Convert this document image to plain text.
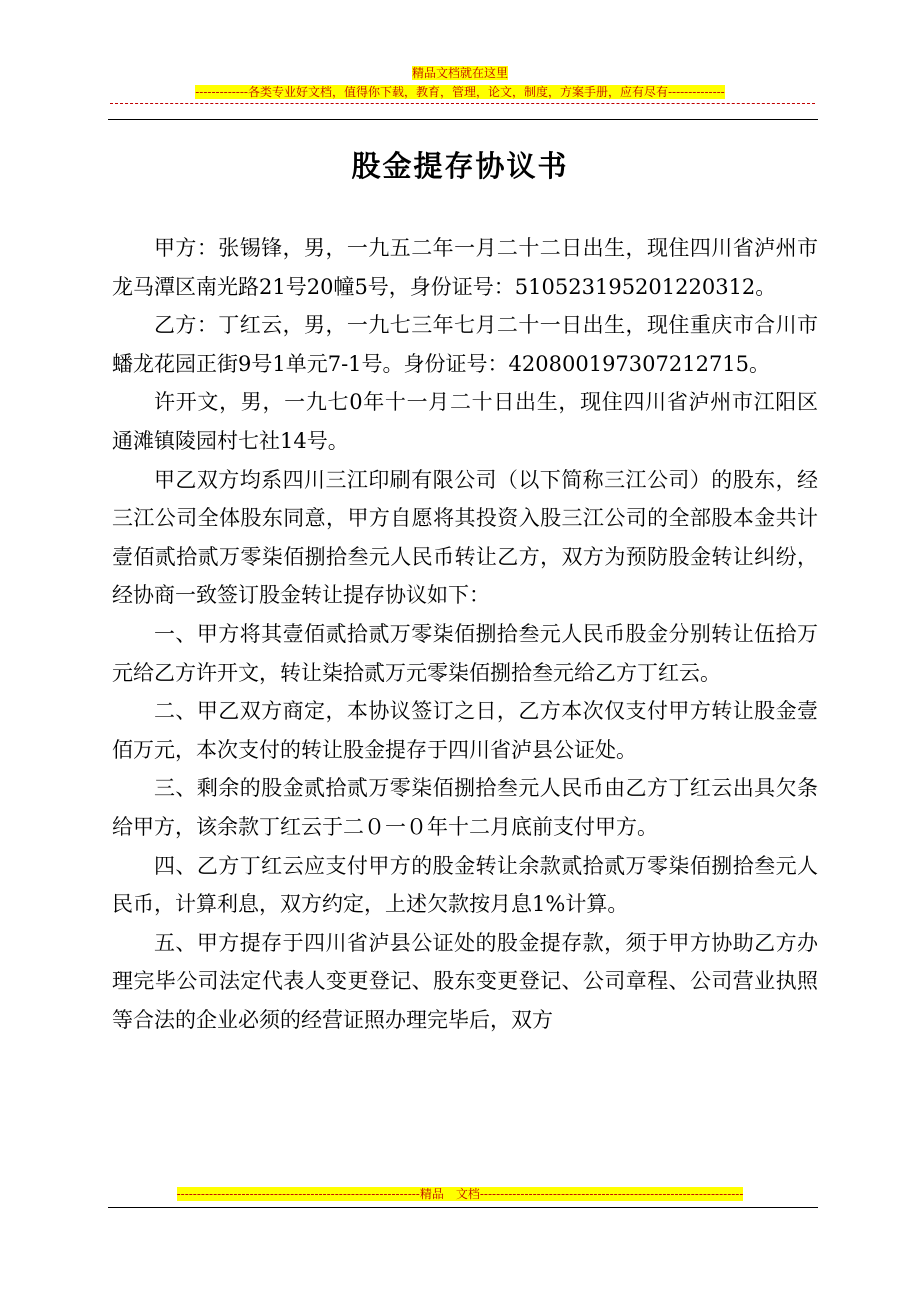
精品文档就在这里
-------------各类专业好文档，值得你下载，教育，管理，论文，制度，方案手册，应有尽有--------------
股金提存协议书

甲方：张锡锋，男，一九五二年一月二十二日出生，现住四川省泸州市龙马潭区南光路21号20幢5号，身份证号：510523195201220312。

乙方：丁红云，男，一九七三年七月二十一日出生，现住重庆市合川市蟠龙花园正街9号1单元7-1号。身份证号：420800197307212715。

许开文，男，一九七0年十一月二十日出生，现住四川省泸州市江阳区通滩镇陵园村七社14号。

甲乙双方均系四川三江印刷有限公司（以下简称三江公司）的股东，经三江公司全体股东同意，甲方自愿将其投资入股三江公司的全部股本金共计壹佰贰拾贰万零柒佰捌拾叁元人民币转让乙方，双方为预防股金转让纠纷，经协商一致签订股金转让提存协议如下：

一、甲方将其壹佰贰拾贰万零柒佰捌拾叁元人民币股金分别转让伍拾万元给乙方许开文，转让柒拾贰万元零柒佰捌拾叁元给乙方丁红云。

二、甲乙双方商定，本协议签订之日，乙方本次仅支付甲方转让股金壹佰万元，本次支付的转让股金提存于四川省泸县公证处。

三、剩余的股金贰拾贰万零柒佰捌拾叁元人民币由乙方丁红云出具欠条给甲方，该余款丁红云于二０一０年十二月底前支付甲方。

四、乙方丁红云应支付甲方的股金转让余款贰拾贰万零柒佰捌拾叁元人民币，计算利息，双方约定，上述欠款按月息1%计算。

五、甲方提存于四川省泸县公证处的股金提存款，须于甲方协助乙方办理完毕公司法定代表人变更登记、股东变更登记、公司章程、公司营业执照等合法的企业必须的经营证照办理完毕后，双方

------------------------------------------------------------精品　文档-----------------------------------------------------------------
